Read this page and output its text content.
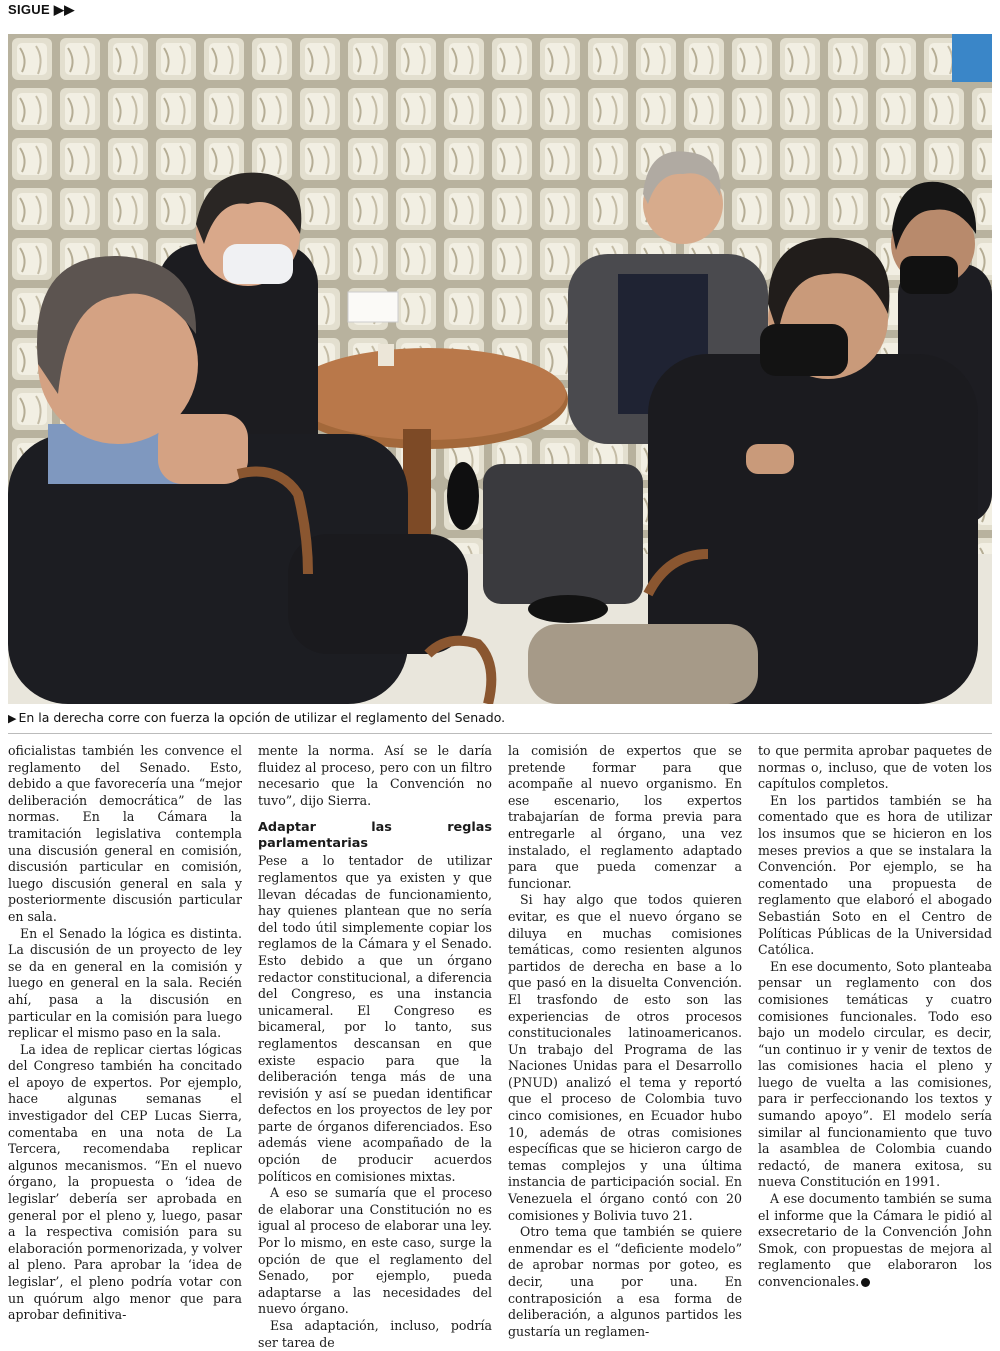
SIGUE ▶▶
▶ En la derecha corre con fuerza la opción de utilizar el reglamento del Senado.

oficialistas también les convence el reglamento del Senado. Esto, debido a que favorecería una “mejor deliberación democrática” de las normas. En la Cámara la tramitación legislativa contempla una discusión general en comisión, discusión particular en comisión, luego discusión general en sala y posteriormente discusión particular en sala.

En el Senado la lógica es distinta. La discusión de un proyecto de ley se da en general en la comisión y luego en general en la sala. Recién ahí, pasa a la discusión en particular en la comisión para luego replicar el mismo paso en la sala.

La idea de replicar ciertas lógicas del Congreso también ha concitado el apoyo de expertos. Por ejemplo, hace algunas semanas el investigador del CEP Lucas Sierra, comentaba en una nota de La Tercera, recomendaba replicar algunos mecanismos. “En el nuevo órgano, la propuesta o ‘idea de legislar’ debería ser aprobada en general por el pleno y, luego, pasar a la respectiva comisión para su elaboración pormenorizada, y volver al pleno. Para aprobar la ‘idea de legislar’, el pleno podría votar con un quórum algo menor que para aprobar definitiva-

mente la norma. Así se le daría fluidez al proceso, pero con un filtro necesario que la Convención no tuvo”, dijo Sierra.

Adaptar las reglas parlamentarias

Pese a lo tentador de utilizar reglamentos que ya existen y que llevan décadas de funcionamiento, hay quienes plantean que no sería del todo útil simplemente copiar los reglamos de la Cámara y el Senado. Esto debido a que un órgano redactor constitucional, a diferencia del Congreso, es una instancia unicameral. El Congreso es bicameral, por lo tanto, sus reglamentos descansan en que existe espacio para que la deliberación tenga más de una revisión y así se puedan identificar defectos en los proyectos de ley por parte de órganos diferenciados. Eso además viene acompañado de la opción de producir acuerdos políticos en comisiones mixtas.

A eso se sumaría que el proceso de elaborar una Constitución no es igual al proceso de elaborar una ley. Por lo mismo, en este caso, surge la opción de que el reglamento del Senado, por ejemplo, pueda adaptarse a las necesidades del nuevo órgano.

Esa adaptación, incluso, podría ser tarea de

la comisión de expertos que se pretende formar para que acompañe al nuevo organismo. En ese escenario, los expertos trabajarían de forma previa para entregarle al órgano, una vez instalado, el reglamento adaptado para que pueda comenzar a funcionar.

Si hay algo que todos quieren evitar, es que el nuevo órgano se diluya en muchas comisiones temáticas, como resienten algunos partidos de derecha en base a lo que pasó en la disuelta Convención. El trasfondo de esto son las experiencias de otros procesos constitucionales latinoamericanos. Un trabajo del Programa de las Naciones Unidas para el Desarrollo (PNUD) analizó el tema y reportó que el proceso de Colombia tuvo cinco comisiones, en Ecuador hubo 10, además de otras comisiones específicas que se hicieron cargo de temas complejos y una última instancia de participación social. En Venezuela el órgano contó con 20 comisiones y Bolivia tuvo 21.

Otro tema que también se quiere enmendar es el “deficiente modelo” de aprobar normas por goteo, es decir, una por una. En contraposición a esa forma de deliberación, a algunos partidos les gustaría un reglamen-

to que permita aprobar paquetes de normas o, incluso, que de voten los capítulos completos.

En los partidos también se ha comentado que es hora de utilizar los insumos que se hicieron en los meses previos a que se instalara la Convención. Por ejemplo, se ha comentado una propuesta de reglamento que elaboró el abogado Sebastián Soto en el Centro de Políticas Públicas de la Universidad Católica.

En ese documento, Soto planteaba pensar un reglamento con dos comisiones temáticas y cuatro comisiones funcionales. Todo eso bajo un modelo circular, es decir, “un continuo ir y venir de textos de las comisiones hacia el pleno y luego de vuelta a las comisiones, para ir perfeccionando los textos y sumando apoyo”. El modelo sería similar al funcionamiento que tuvo la asamblea de Colombia cuando redactó, de manera exitosa, su nueva Constitución en 1991.

A ese documento también se suma el informe que la Cámara le pidió al exsecretario de la Convención John Smok, con propuestas de mejora al reglamento que elaboraron los convencionales.
